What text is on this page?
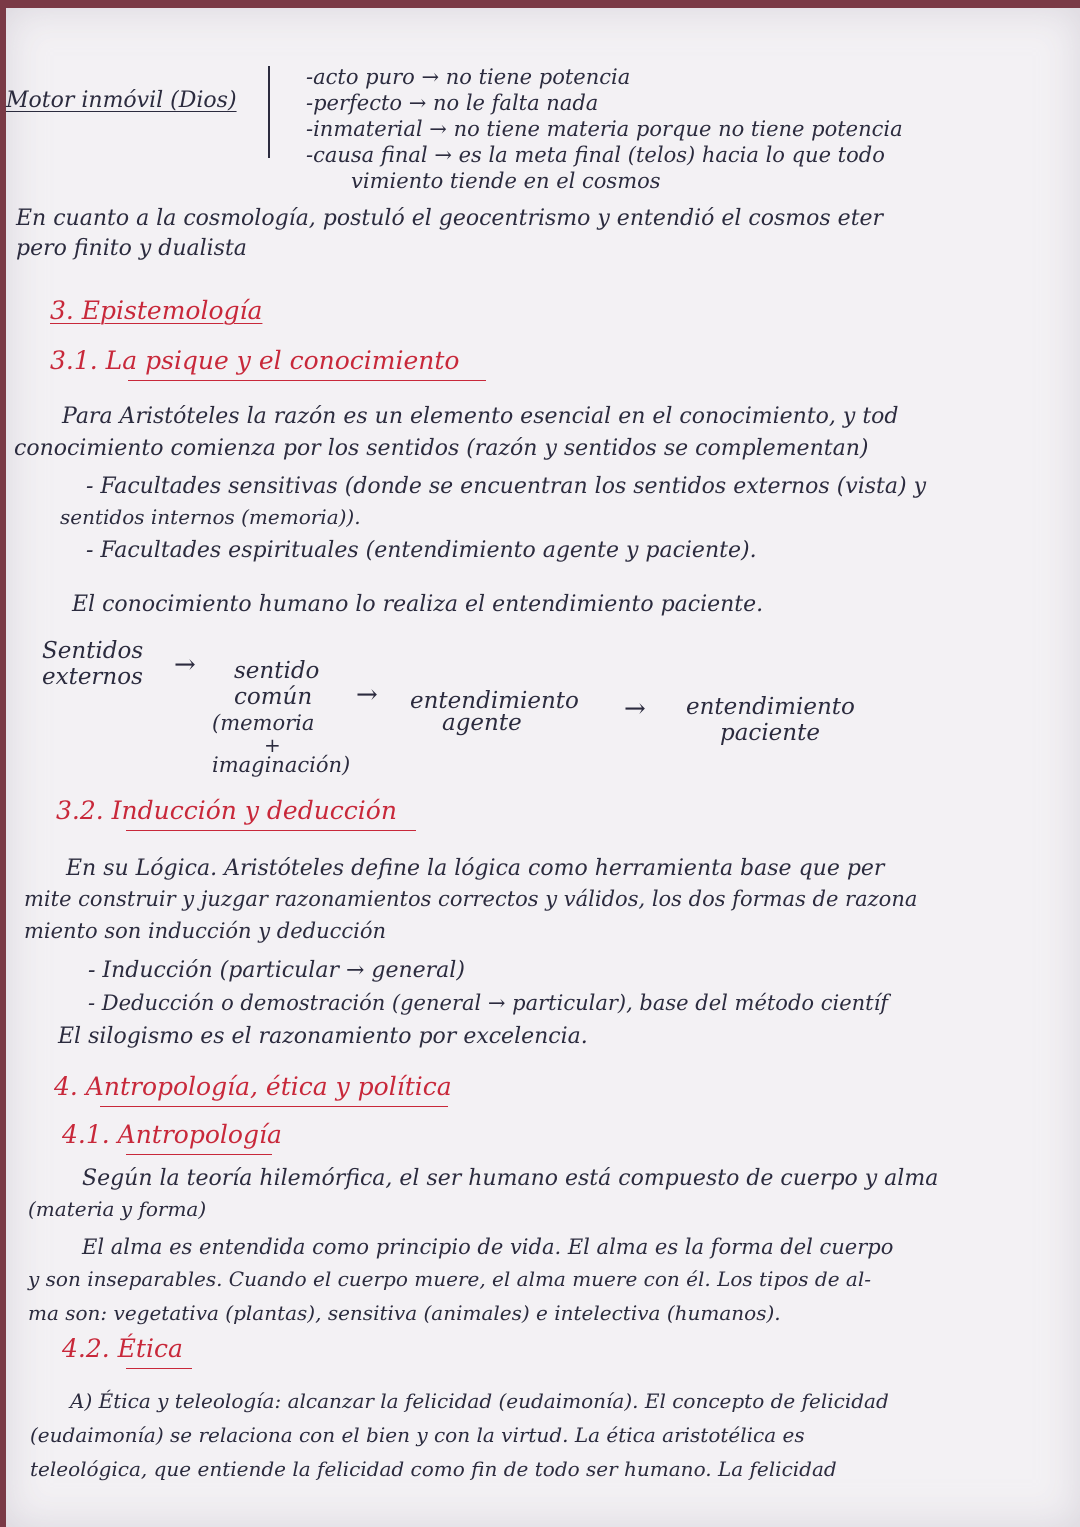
Motor inmóvil (Dios)
-acto puro → no tiene potencia
-perfecto → no le falta nada
-inmaterial → no tiene materia porque no tiene potencia
-causa final → es la meta final (telos) hacia lo que todo
vimiento tiende en el cosmos
En cuanto a la cosmología, postuló el geocentrismo y entendió el cosmos eter
pero finito y dualista
3. Epistemología
3.1. La psique y el conocimiento
Para Aristóteles la razón es un elemento esencial en el conocimiento, y tod
conocimiento comienza por los sentidos (razón y sentidos se complementan)
- Facultades sensitivas (donde se encuentran los sentidos externos (vista) y
sentidos internos (memoria)).
- Facultades espirituales (entendimiento agente y paciente).
El conocimiento humano lo realiza el entendimiento paciente.
Sentidos
externos → sentido
común
(memoria
+
imaginación)
→ entendimiento
agente	→ entendimiento
paciente
3.2. Inducción y deducción
En su Lógica. Aristóteles define la lógica como herramienta base que per
mite construir y juzgar razonamientos correctos y válidos, los dos formas de razona
miento son inducción y deducción
- Inducción (particular → general)
- Deducción o demostración (general → particular), base del método científ
El silogismo es el razonamiento por excelencia.
4. Antropología, ética y política
4.1. Antropología
Según la teoría hilemórfica, el ser humano está compuesto de cuerpo y alma
(materia y forma)
El alma es entendida como principio de vida. El alma es la forma del cuerpo
y son inseparables. Cuando el cuerpo muere, el alma muere con él. Los tipos de al-
ma son: vegetativa (plantas), sensitiva (animales) e intelectiva (humanos).
4.2. Ética
A) Ética y teleología: alcanzar la felicidad (eudaimonía). El concepto de felicidad
(eudaimonía) se relaciona con el bien y con la virtud. La ética aristotélica es
teleológica, que entiende la felicidad como fin de todo ser humano. La felicidad
